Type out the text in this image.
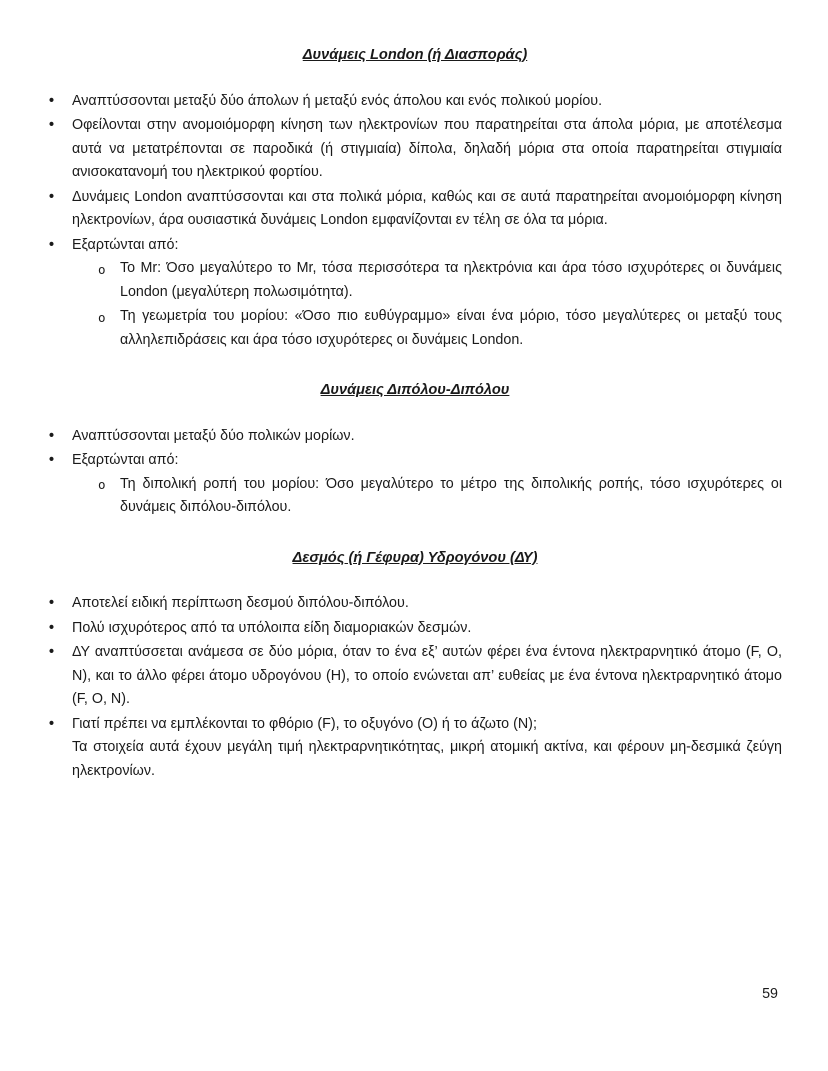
Δυνάμεις London (ή Διασποράς)
• Αναπτύσσονται μεταξύ δύο άπολων ή μεταξύ ενός άπολου και ενός πολικού μορίου.
• Οφείλονται στην ανομοιόμορφη κίνηση των ηλεκτρονίων που παρατηρείται στα άπολα μόρια, με αποτέλεσμα αυτά να μετατρέπονται σε παροδικά (ή στιγμιαία) δίπολα, δηλαδή μόρια στα οποία παρατηρείται στιγμιαία ανισοκατανομή του ηλεκτρικού φορτίου.
• Δυνάμεις London αναπτύσσονται και στα πολικά μόρια, καθώς και σε αυτά παρατηρείται ανομοιόμορφη κίνηση ηλεκτρονίων, άρα ουσιαστικά δυνάμεις London εμφανίζονται εν τέλη σε όλα τα μόρια.
• Εξαρτώνται από:
o Το Mr: Όσο μεγαλύτερο το Mr, τόσα περισσότερα τα ηλεκτρόνια και άρα τόσο ισχυρότερες οι δυνάμεις London (μεγαλύτερη πολωσιμότητα).
o Τη γεωμετρία του μορίου: «Όσο πιο ευθύγραμμο» είναι ένα μόριο, τόσο μεγαλύτερες οι μεταξύ τους αλληλεπιδράσεις και άρα τόσο ισχυρότερες οι δυνάμεις London.
Δυνάμεις Διπόλου-Διπόλου
• Αναπτύσσονται μεταξύ δύο πολικών μορίων.
• Εξαρτώνται από:
o Τη διπολική ροπή του μορίου: Όσο μεγαλύτερο το μέτρο της διπολικής ροπής, τόσο ισχυρότερες οι δυνάμεις διπόλου-διπόλου.
Δεσμός (ή Γέφυρα) Υδρογόνου (ΔΥ)
• Αποτελεί ειδική περίπτωση δεσμού διπόλου-διπόλου.
• Πολύ ισχυρότερος από τα υπόλοιπα είδη διαμοριακών δεσμών.
• ΔΥ αναπτύσσεται ανάμεσα σε δύο μόρια, όταν το ένα εξ’ αυτών φέρει ένα έντονα ηλεκτραρνητικό άτομο (F, O, N), και το άλλο φέρει άτομο υδρογόνου (H), το οποίο ενώνεται απ’ ευθείας με ένα έντονα ηλεκτραρνητικό άτομο (F, O, N).
• Γιατί πρέπει να εμπλέκονται το φθόριο (F), το οξυγόνο (O) ή το άζωτο (N);
Τα στοιχεία αυτά έχουν μεγάλη τιμή ηλεκτραρνητικότητας, μικρή ατομική ακτίνα, και φέρουν μη-δεσμικά ζεύγη ηλεκτρονίων.
59
